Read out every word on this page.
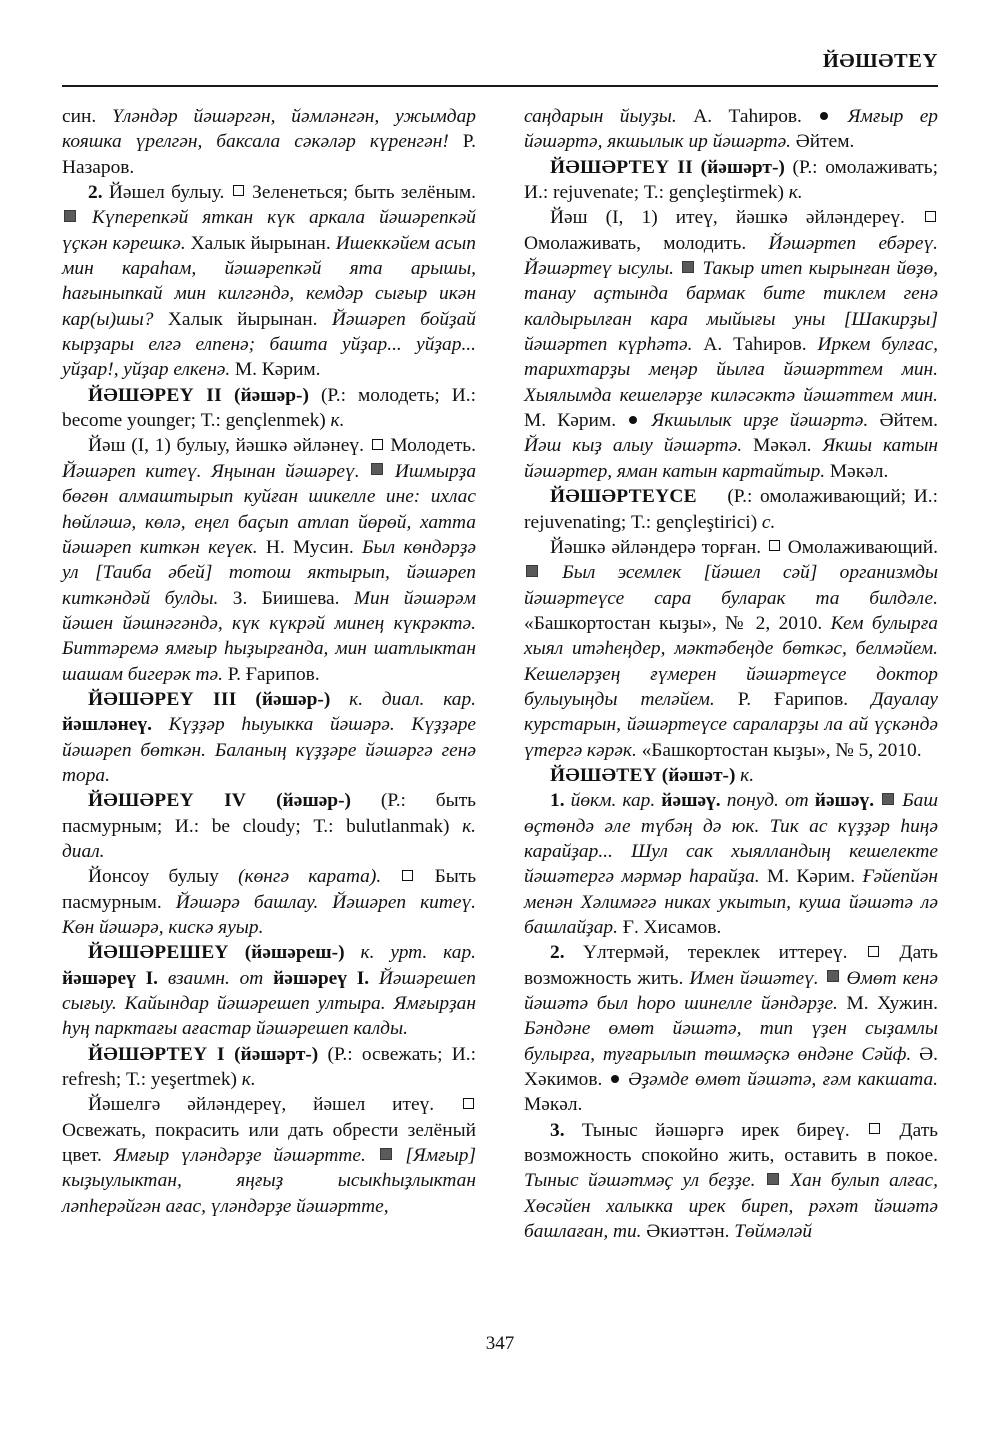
ЙӘШӘТЕҮ

син. Үләндәр йәшәргән, йәмләнгән, ужымдар кояшка үрелгән, баксала сәкәләр күренгән! Р. Назаров.

2. Йәшел булыу. Зеленеться; быть зелёным.  Күперепкәй яткан күк аркала йәшәрепкәй үҫкән кәрешкә. Халык йырынан. Ишеккәйем асып мин караһам, йәшәрепкәй ята арышы, һағыныпкай мин килгәндә, кемдәр сығыр икән кар(ы)шы? Халык йырынан. Йәшәреп бойҙай кырҙары елгә елпенә; башта уйҙар... уйҙар... уйҙар!, уйҙар елкенә. М. Кәрим.

ЙӘШӘРЕҮ II (йәшәр-) (Р.: молодеть; И.: become younger; Т.: gençlenmek) к.

Йәш (I, 1) булыу, йәшкә әйләнеү. Молодеть. Йәшәреп китеү. Яңынан йәшәреү. Ишмырҙа бөгөн алмаштырып куйған шикелле ине: ихлас һөйләшә, көлә, еңел баҫып атлап йөрөй, хатта йәшәреп киткән кеүек. Н. Мусин. Был көндәрҙә ул [Таиба әбей] тотош яктырып, йәшәреп киткәндәй булды. З. Биишева. Мин йәшәрәм йәшен йәшнәгәндә, күк күкрәй минең күкрәктә. Биттәремә ямғыр һыҙырғанда, мин шатлыктан шашам бигерәк тә. Р. Ғарипов.

ЙӘШӘРЕҮ III (йәшәр-) к. диал. кар. йәшләнеү. Күҙҙәр һыуыкка йәшәрә. Күҙҙәре йәшәреп бөткән. Баланың күҙҙәре йәшәргә генә тора.

ЙӘШӘРЕҮ IV (йәшәр-) (Р.: быть пасмурным; И.: be cloudy; Т.: bulutlanmak) к. диал.

Йонсоу булыу (көнгә карата).	Быть пасмурным. Йәшәрә башлау. Йәшәреп китеү. Көн йәшәрә, кискә яуыр.

ЙӘШӘРЕШЕҮ (йәшәреш-) к. урт. кар. йәшәреү I. взаимн. от йәшәреү I. Йәшәрешеп сығыу. Кайындар йәшәрешеп ултыра. Ямғырҙан һуң парктағы ағастар йәшәрешеп калды.

ЙӘШӘРТЕҮ I (йәшәрт-) (Р.: освежать; И.: refresh; Т.: yeşertmek) к.

Йәшелгә әйләндереү, йәшел итеү.  Освежать, покрасить или дать обрести зелёный цвет. Ямғыр үләндәрҙе йәшәртте. [Ямғыр] кыҙыулыктан, яңғыҙ ысыкһыҙлыктан ләпһерәйгән ағас, үләндәрҙе йәшәртте,

саңдарын йыуҙы. А. Таһиров. Ямғыр ер йәшәртә, якшылык ир йәшәртә. Әйтем.

ЙӘШӘРТЕҮ II (йәшәрт-) (Р.: омолаживать; И.: rejuvenate; Т.: gençleştirmek) к.

Йәш (I, 1) итеү, йәшкә әйләндереү.  Омолаживать, молодить. Йәшәртеп ебәреү. Йәшәртеү ысулы. Такыр итеп кырынған йөҙө, танау аҫтында бармак бите тиклем генә калдырылған кара мыйығы уны [Шакирҙы] йәшәртеп күрһәтә. А. Таһиров. Иркем булғас, тарихтарҙы меңәр йылға йәшәрттем мин. Хыялымда кешеләрҙе киләсәктә йәшәттем мин. М. Кәрим. Якшылык ирҙе йәшәртә. Әйтем. Йәш кыҙ алыу йәшәртә. Мәкәл. Якшы катын йәшәртер, яман катын картайтыр. Мәкәл.

ЙӘШӘРТЕҮСЕ (Р.: омолаживающий; И.: rejuvenating; Т.: gençleştirici) с.

Йәшкә әйләндерә торған. Омолаживающий.  Был эсемлек [йәшел сәй] организмды йәшәртеүсе сара буларак та билдәле. «Башкортостан кыҙы», № 2, 2010. Кем булырға хыял итәһеңдер, мәктәбеңде бөткәс, белмәйем. Кешеләрҙең ғүмерен йәшәртеүсе доктор булыуыңды теләйем. Р. Ғарипов. Дауалау курстарын, йәшәртеүсе сараларҙы ла ай үҫкәндә үтергә кәрәк. «Башкортостан кыҙы», № 5, 2010.

ЙӘШӘТЕҮ (йәшәт-) к.

1. йөкм. кар. йәшәү. понуд. от йәшәү. Баш өҫтөндә әле түбәң дә юк. Тик ас күҙҙәр һиңә карайҙар... Шул сак хыялландың кешелекте йәшәтергә мәрмәр һарайҙа. М. Кәрим. Ғәйепйән менән Хәлимәгә никах укытып, куша йәшәтә лә башлайҙар. Ғ. Хисамов.

2. Үлтермәй, тереклек иттереү.	Дать возможность жить. Имен йәшәтеү. Өмөт кенә йәшәтә был һоро шинелле йәндәрҙе. М. Хужин. Бәндәне өмөт йәшәтә, тип үҙен сыҙамлы булырға, туғарылып төшмәҫкә өндәне Сәйф. Ә. Хәкимов. Әҙәмде өмөт йәшәтә, ғәм какшата. Мәкәл.

3. Тыныс йәшәргә ирек биреү.	Дать возможность спокойно жить, оставить в покое. Тыныс йәшәтмәҫ ул беҙҙе. Хан булып алғас, Хөсәйен халыкка ирек биреп, рәхәт йәшәтә башлаған, ти. Әкиәттән. Төймәләй

347
